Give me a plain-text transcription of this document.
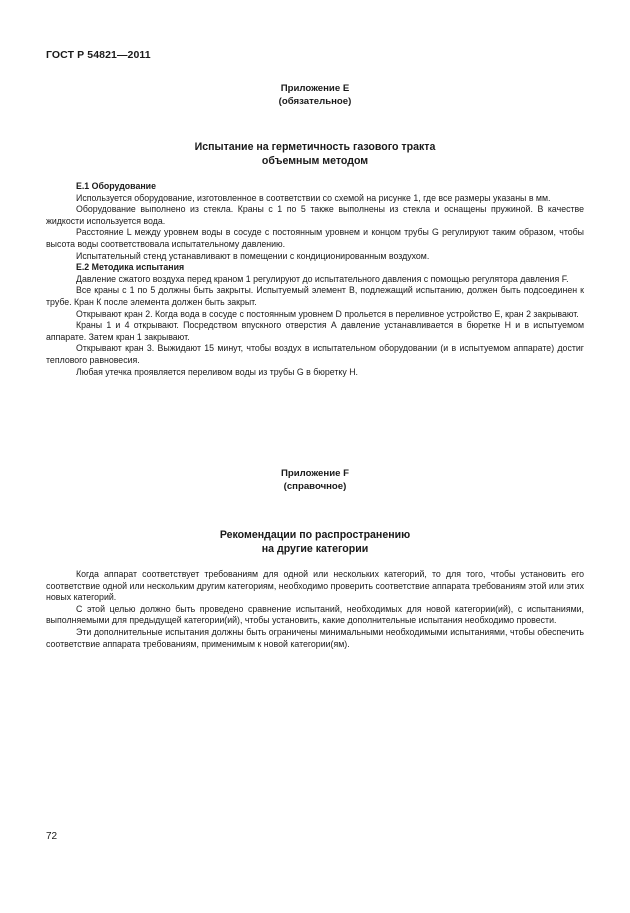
ГОСТ Р 54821—2011
Приложение E
(обязательное)
Испытание на герметичность газового тракта
объемным методом
Е.1 Оборудование

Используется оборудование, изготовленное в соответствии со схемой на рисунке 1, где все размеры указаны в мм.

Оборудование выполнено из стекла. Краны с 1 по 5 также выполнены из стекла и оснащены пружиной. В качестве жидкости используется вода.

Расстояние L между уровнем воды в сосуде с постоянным уровнем и концом трубы G регулируют таким образом, чтобы высота воды соответствовала испытательному давлению.

Испытательный стенд устанавливают в помещении с кондиционированным воздухом.

Е.2 Методика испытания

Давление сжатого воздуха перед краном 1 регулируют до испытательного давления с помощью регулятора давления F.

Все краны с 1 по 5 должны быть закрыты. Испытуемый элемент В, подлежащий испытанию, должен быть подсоединен к трубе. Кран К после элемента должен быть закрыт.

Открывают кран 2. Когда вода в сосуде с постоянным уровнем D прольется в переливное устройство Е, кран 2 закрывают.

Краны 1 и 4 открывают. Посредством впускного отверстия А давление устанавливается в бюретке Н и в испытуемом аппарате. Затем кран 1 закрывают.

Открывают кран 3. Выжидают 15 минут, чтобы воздух в испытательном оборудовании (и в испытуемом аппарате) достиг теплового равновесия.

Любая утечка проявляется переливом воды из трубы G в бюретку Н.

Приложение F
(справочное)
Рекомендации по распространению
на другие категории

Когда аппарат соответствует требованиям для одной или нескольких категорий, то для того, чтобы установить его соответствие одной или нескольким другим категориям, необходимо проверить соответствие аппарата требованиям этой или этих новых категорий.

С этой целью должно быть проведено сравнение испытаний, необходимых для новой категории(ий), с испытаниями, выполняемыми для предыдущей категории(ий), чтобы установить, какие дополнительные испытания необходимо провести.

Эти дополнительные испытания должны быть ограничены минимальными необходимыми испытаниями, чтобы обеспечить соответствие аппарата требованиям, применимым к новой категории(ям).

72
